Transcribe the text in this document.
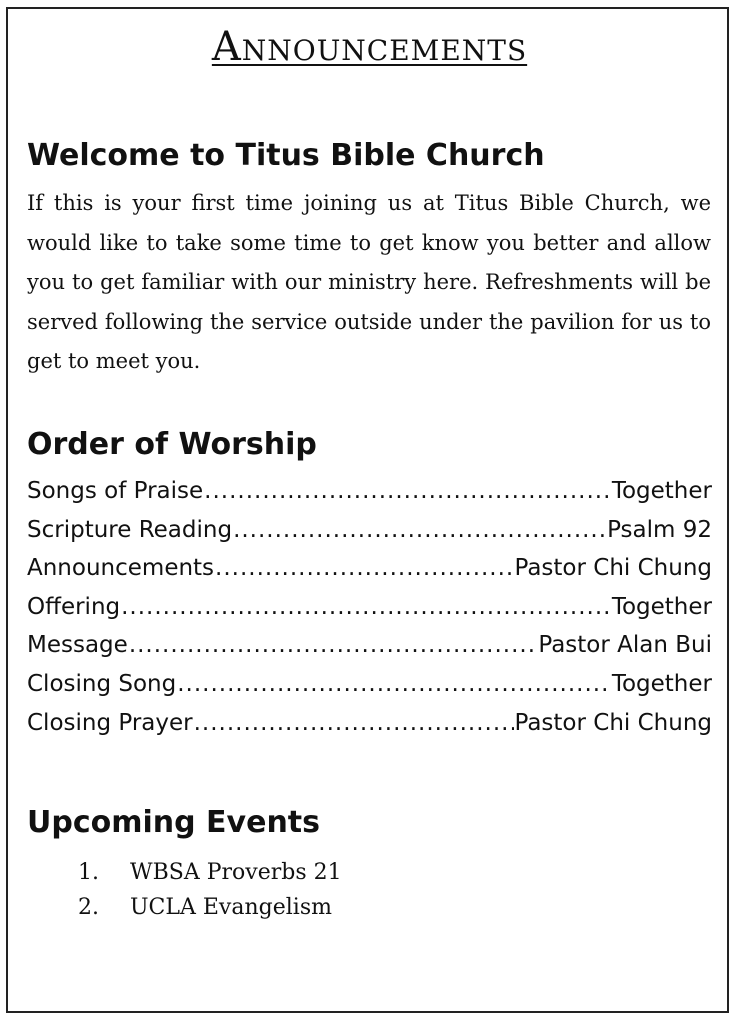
Announcements
Welcome to Titus Bible Church
If this is your first time joining us at Titus Bible Church, we would like to take some time to get know you better and allow you to get familiar with our ministry here. Refreshments will be served following the service outside under the pavilion for us to get to meet you.
Order of Worship
Songs of Praise .....	Together
Scripture Reading .....	Psalm 92
Announcements .....	Pastor Chi Chung
Offering .....	Together
Message .....	Pastor Alan Bui
Closing Song .....	Together
Closing Prayer .....	Pastor Chi Chung
Upcoming Events
1.	WBSA Proverbs 21
2.	UCLA Evangelism
